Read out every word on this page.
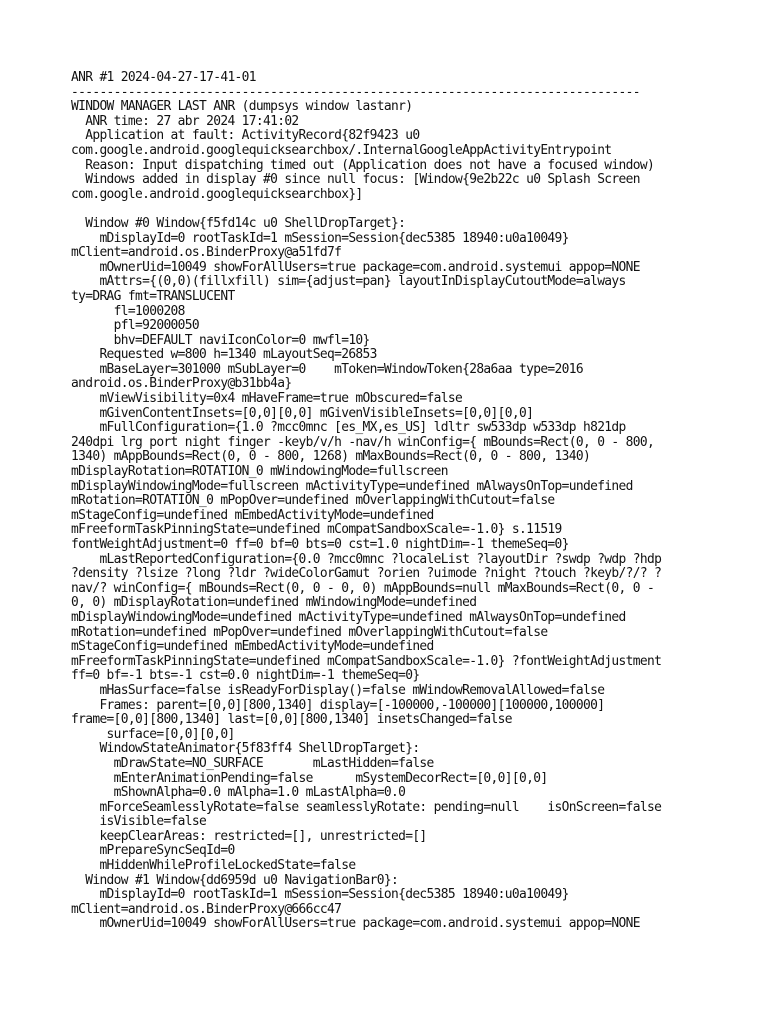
ANR #1 2024-04-27-17-41-01
--------------------------------------------------------------------------------
WINDOW MANAGER LAST ANR (dumpsys window lastanr)
ANR time: 27 abr 2024 17:41:02
Application at fault: ActivityRecord{82f9423 u0
com.google.android.googlequicksearchbox/.InternalGoogleAppActivityEntrypoint
Reason: Input dispatching timed out (Application does not have a focused window)
Windows added in display #0 since null focus: [Window{9e2b22c u0 Splash Screen
com.google.android.googlequicksearchbox}]

Window #0 Window{f5fd14c u0 ShellDropTarget}:
mDisplayId=0 rootTaskId=1 mSession=Session{dec5385 18940:u0a10049}
mClient=android.os.BinderProxy@a51fd7f
mOwnerUid=10049 showForAllUsers=true package=com.android.systemui appop=NONE
mAttrs={(0,0)(fillxfill) sim={adjust=pan} layoutInDisplayCutoutMode=always
ty=DRAG fmt=TRANSLUCENT
fl=1000208
pfl=92000050
bhv=DEFAULT naviIconColor=0 mwfl=10}
Requested w=800 h=1340 mLayoutSeq=26853
mBaseLayer=301000 mSubLayer=0    mToken=WindowToken{28a6aa type=2016
android.os.BinderProxy@b31bb4a}
mViewVisibility=0x4 mHaveFrame=true mObscured=false
mGivenContentInsets=[0,0][0,0] mGivenVisibleInsets=[0,0][0,0]
mFullConfiguration={1.0 ?mcc0mnc [es_MX,es_US] ldltr sw533dp w533dp h821dp
240dpi lrg port night finger -keyb/v/h -nav/h winConfig={ mBounds=Rect(0, 0 - 800,
1340) mAppBounds=Rect(0, 0 - 800, 1268) mMaxBounds=Rect(0, 0 - 800, 1340)
mDisplayRotation=ROTATION_0 mWindowingMode=fullscreen
mDisplayWindowingMode=fullscreen mActivityType=undefined mAlwaysOnTop=undefined
mRotation=ROTATION_0 mPopOver=undefined mOverlappingWithCutout=false
mStageConfig=undefined mEmbedActivityMode=undefined
mFreeformTaskPinningState=undefined mCompatSandboxScale=-1.0} s.11519
fontWeightAdjustment=0 ff=0 bf=0 bts=0 cst=1.0 nightDim=-1 themeSeq=0}
mLastReportedConfiguration={0.0 ?mcc0mnc ?localeList ?layoutDir ?swdp ?wdp ?hdp
?density ?lsize ?long ?ldr ?wideColorGamut ?orien ?uimode ?night ?touch ?keyb/?/? ?
nav/? winConfig={ mBounds=Rect(0, 0 - 0, 0) mAppBounds=null mMaxBounds=Rect(0, 0 -
0, 0) mDisplayRotation=undefined mWindowingMode=undefined
mDisplayWindowingMode=undefined mActivityType=undefined mAlwaysOnTop=undefined
mRotation=undefined mPopOver=undefined mOverlappingWithCutout=false
mStageConfig=undefined mEmbedActivityMode=undefined
mFreeformTaskPinningState=undefined mCompatSandboxScale=-1.0} ?fontWeightAdjustment
ff=0 bf=-1 bts=-1 cst=0.0 nightDim=-1 themeSeq=0}
mHasSurface=false isReadyForDisplay()=false mWindowRemovalAllowed=false
Frames: parent=[0,0][800,1340] display=[-100000,-100000][100000,100000]
frame=[0,0][800,1340] last=[0,0][800,1340] insetsChanged=false
surface=[0,0][0,0]
WindowStateAnimator{5f83ff4 ShellDropTarget}:
mDrawState=NO_SURFACE       mLastHidden=false
mEnterAnimationPending=false      mSystemDecorRect=[0,0][0,0]
mShownAlpha=0.0 mAlpha=1.0 mLastAlpha=0.0
mForceSeamlesslyRotate=false seamlesslyRotate: pending=null    isOnScreen=false
isVisible=false
keepClearAreas: restricted=[], unrestricted=[]
mPrepareSyncSeqId=0
mHiddenWhileProfileLockedState=false
Window #1 Window{dd6959d u0 NavigationBar0}:
mDisplayId=0 rootTaskId=1 mSession=Session{dec5385 18940:u0a10049}
mClient=android.os.BinderProxy@666cc47
mOwnerUid=10049 showForAllUsers=true package=com.android.systemui appop=NONE
